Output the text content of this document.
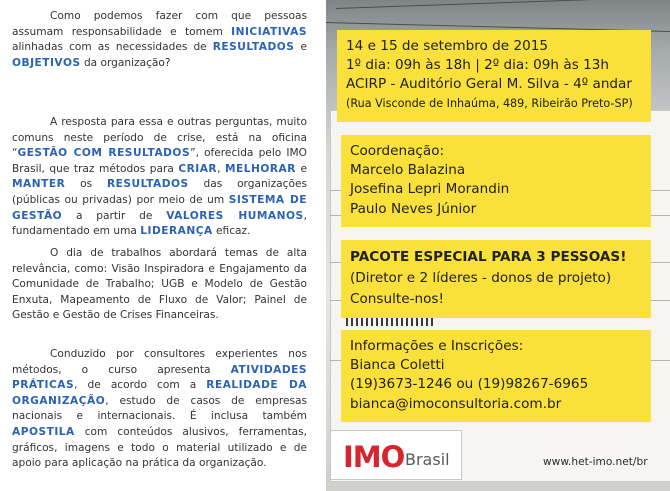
Como podemos fazer com que pessoas assumam responsabilidade e tomem INICIATIVAS alinhadas com as necessidades de RESULTADOS e OBJETIVOS da organização?

A resposta para essa e outras perguntas, muito comuns neste período de crise, está na oficina “GESTÃO COM RESULTADOS”, oferecida pelo IMO Brasil, que traz métodos para CRIAR, MELHORAR e MANTER os RESULTADOS das organizações (públicas ou privadas) por meio de um SISTEMA DE GESTÃO a partir de VALORES HUMANOS, fundamentado em uma LIDERANÇA eficaz.

O dia de trabalhos abordará temas de alta relevância, como: Visão Inspiradora e Engajamento da Comunidade de Trabalho; UGB e Modelo de Gestão Enxuta, Mapeamento de Fluxo de Valor; Painel de Gestão e Gestão de Crises Financeiras.

Conduzido por consultores experientes nos métodos, o curso apresenta ATIVIDADES PRÁTICAS, de acordo com a REALIDADE DA ORGANIZAÇÃO, estudo de casos de empresas nacionais e internacionais. É inclusa também APOSTILA com conteúdos alusivos, ferramentas, gráficos, imagens e todo o material utilizado e de apoio para aplicação na prática da organização.

14 e 15 de setembro de 2015
1º dia: 09h às 18h | 2º dia: 09h às 13h
ACIRP - Auditório Geral M. Silva - 4º andar
(Rua Visconde de Inhaúma, 489, Ribeirão Preto-SP)
Coordenação:
Marcelo Balazina
Josefina Lepri Morandin
Paulo Neves Júnior
PACOTE ESPECIAL PARA 3 PESSOAS!
(Diretor e 2 líderes - donos de projeto)
Consulte-nos!
Informações e Inscrições:
Bianca Coletti
(19)3673-1246 ou (19)98267-6965
bianca@imoconsultoria.com.br
IMO Brasil	www.het-imo.net/br
